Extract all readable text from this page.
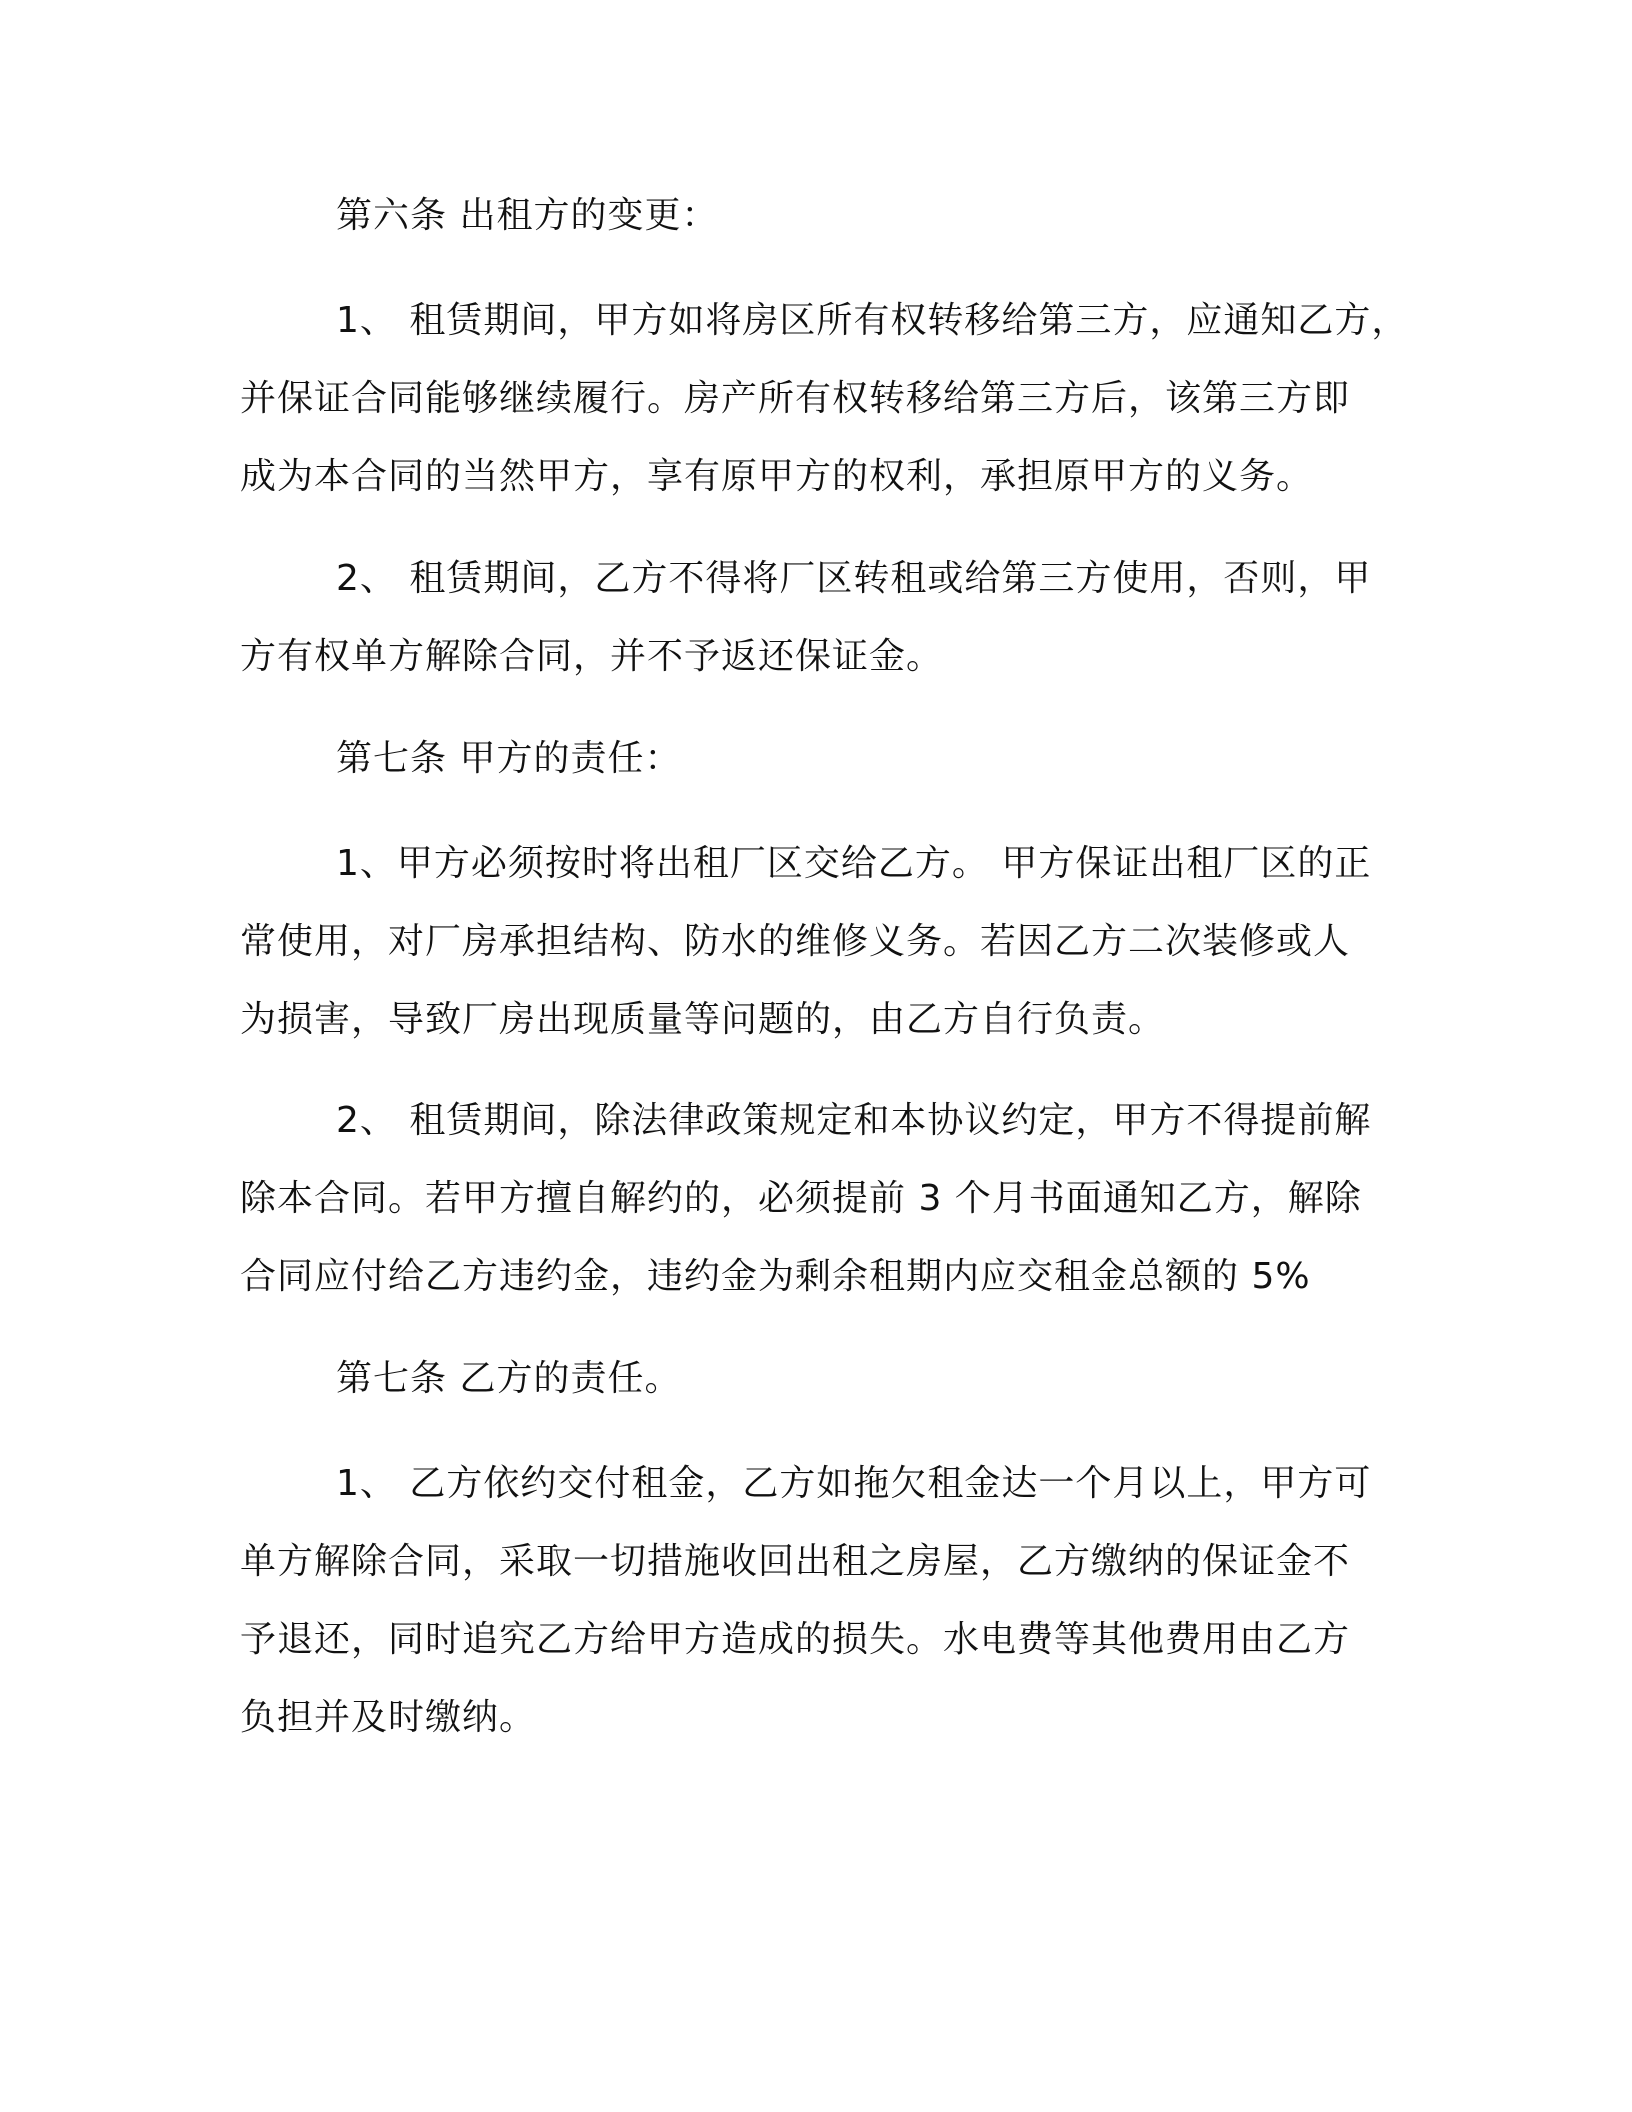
第六条 出租方的变更：
1、 租赁期间，甲方如将房区所有权转移给第三方，应通知乙方，
并保证合同能够继续履行。房产所有权转移给第三方后，该第三方即
成为本合同的当然甲方，享有原甲方的权利，承担原甲方的义务。
2、 租赁期间，乙方不得将厂区转租或给第三方使用，否则，甲
方有权单方解除合同，并不予返还保证金。
第七条 甲方的责任：
1、甲方必须按时将出租厂区交给乙方。 甲方保证出租厂区的正
常使用，对厂房承担结构、防水的维修义务。若因乙方二次装修或人
为损害，导致厂房出现质量等问题的，由乙方自行负责。
2、 租赁期间，除法律政策规定和本协议约定，甲方不得提前解
除本合同。若甲方擅自解约的，必须提前 3 个月书面通知乙方，解除
合同应付给乙方违约金，违约金为剩余租期内应交租金总额的 5%
第七条 乙方的责任。
1、 乙方依约交付租金，乙方如拖欠租金达一个月以上，甲方可
单方解除合同，采取一切措施收回出租之房屋，乙方缴纳的保证金不
予退还，同时追究乙方给甲方造成的损失。水电费等其他费用由乙方
负担并及时缴纳。
